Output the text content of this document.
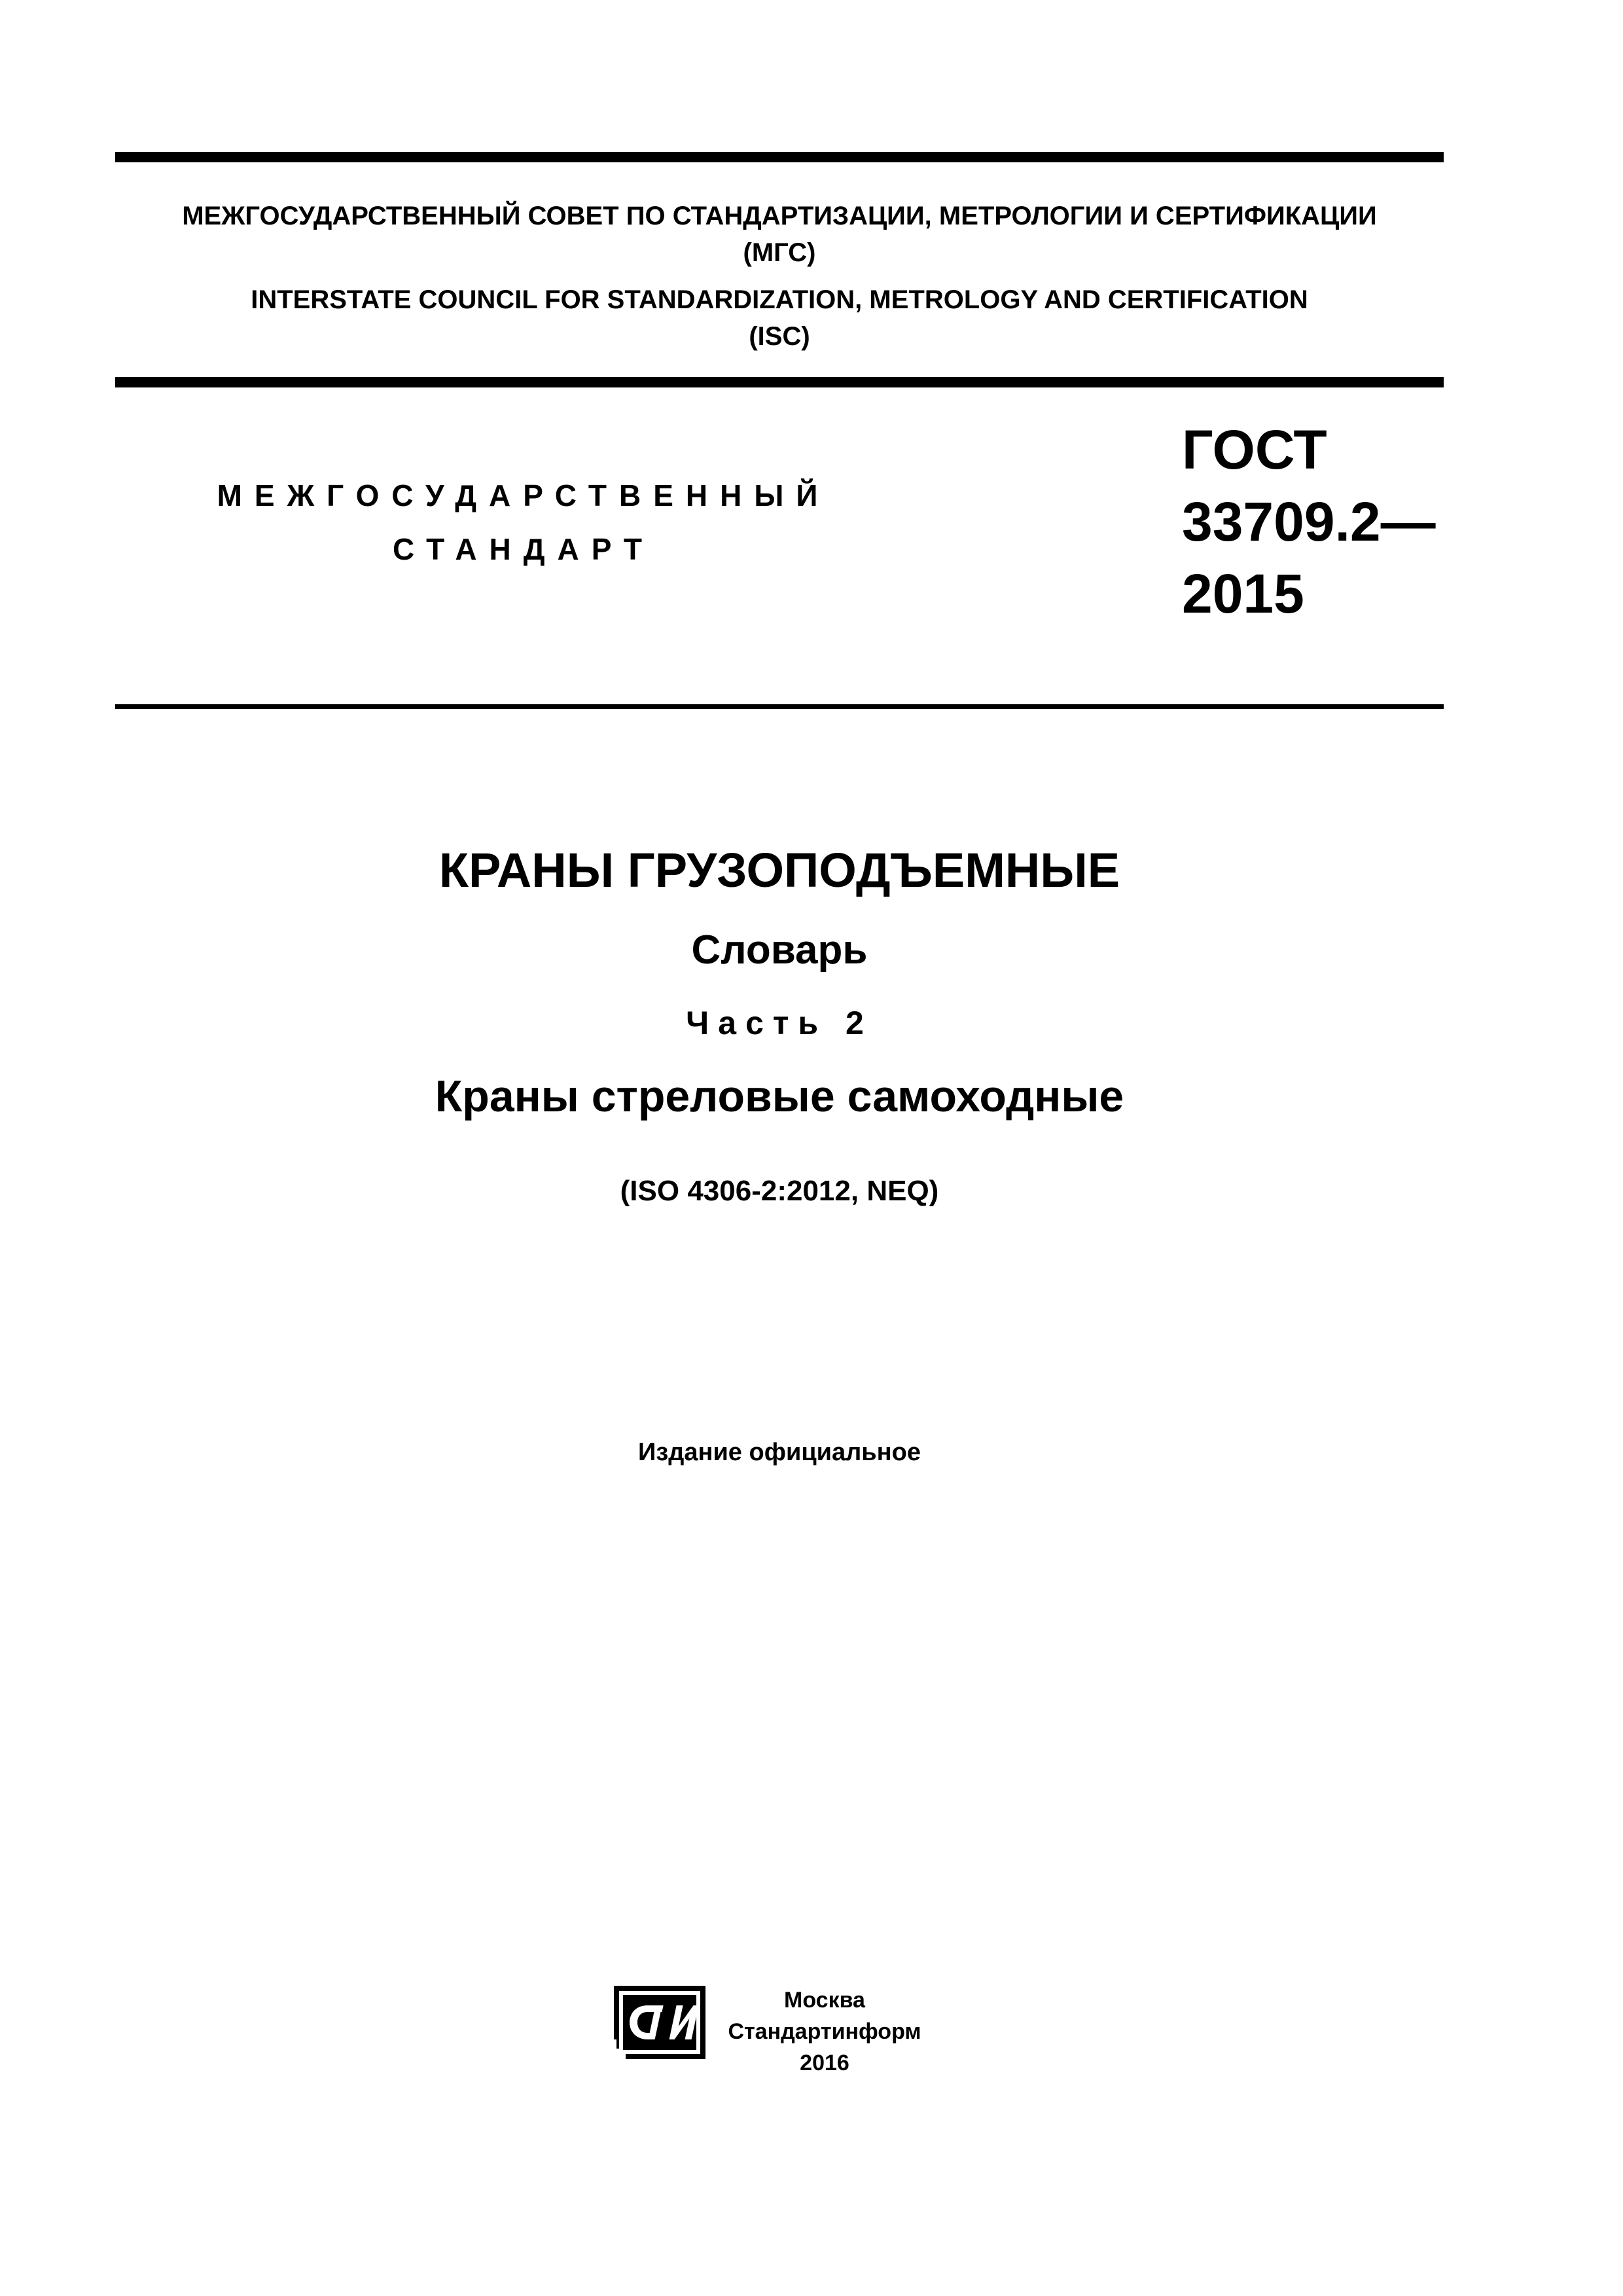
МЕЖГОСУДАРСТВЕННЫЙ СОВЕТ ПО СТАНДАРТИЗАЦИИ, МЕТРОЛОГИИ И СЕРТИФИКАЦИИ
(МГС)
INTERSTATE COUNCIL FOR STANDARDIZATION, METROLOGY AND CERTIFICATION
(ISC)
МЕЖГОСУДАРСТВЕННЫЙ
СТАНДАРТ
ГОСТ
33709.2—
2015
КРАНЫ ГРУЗОПОДЪЕМНЫЕ
Словарь
Часть 2
Краны стреловые самоходные
(ISO 4306-2:2012, NEQ)
Издание официальное
Москва
Стандартинформ
2016
